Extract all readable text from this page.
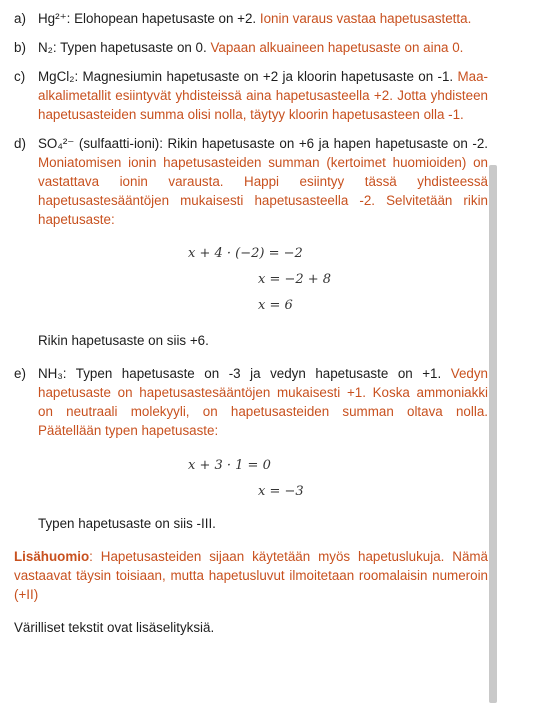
a) Hg²⁺: Elohopean hapetusaste on +2. Ionin varaus vastaa hapetusastetta.
b) N₂: Typen hapetusaste on 0. Vapaan alkuaineen hapetusaste on aina 0.
c) MgCl₂: Magnesiumin hapetusaste on +2 ja kloorin hapetusaste on -1. Maa-alkalimetallit esiintyvät yhdisteissä aina hapetusasteella +2. Jotta yhdisteen hapetusasteiden summa olisi nolla, täytyy kloorin hapetusasteen olla -1.
d) SO₄²⁻ (sulfaatti-ioni): Rikin hapetusaste on +6 ja hapen hapetusaste on -2. Moniatomisen ionin hapetusasteiden summan (kertoimet huomioiden) on vastattava ionin varausta. Happi esiintyy tässä yhdisteessä hapetusastesääntöjen mukaisesti hapetusasteella -2. Selvitetään rikin hapetusaste:
x + 4 · (−2) = −2
x = −2 + 8
x = 6
Rikin hapetusaste on siis +6.
e) NH₃: Typen hapetusaste on -3 ja vedyn hapetusaste on +1. Vedyn hapetusaste on hapetusastesääntöjen mukaisesti +1. Koska ammoniakki on neutraali molekyyli, on hapetusasteiden summan oltava nolla. Päätellään typen hapetusaste:
x + 3 · 1 = 0
x = −3
Typen hapetusaste on siis -III.
Lisähuomio: Hapetusasteiden sijaan käytetään myös hapetuslukuja. Nämä vastaavat täysin toisiaan, mutta hapetusluvut ilmoitetaan roomalaisin numeroin (+II)
Värilliset tekstit ovat lisäselityksiä.
